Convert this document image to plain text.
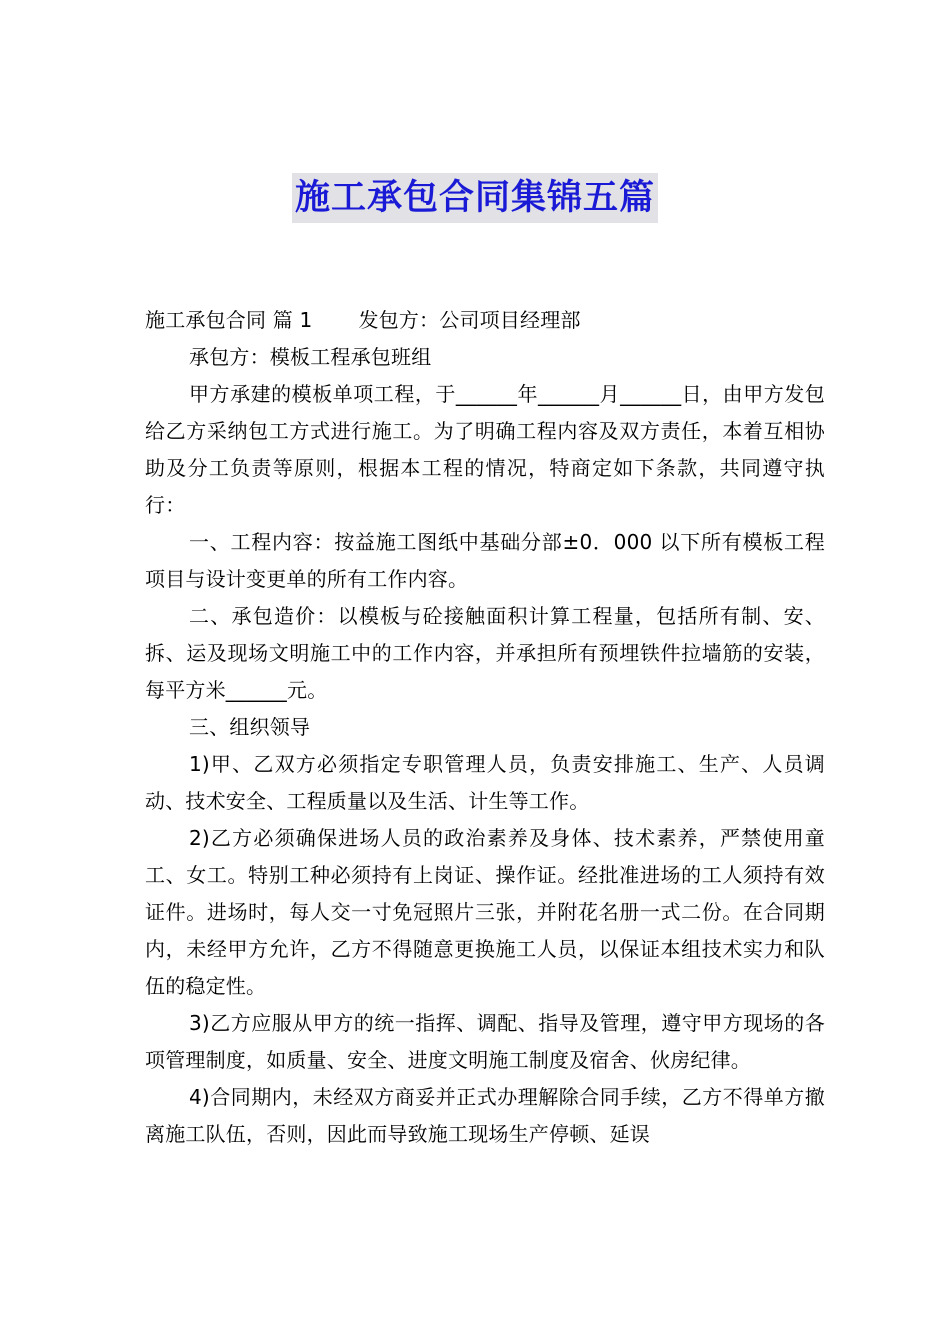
施工承包合同集锦五篇

施工承包合同 篇 1 发包方：公司项目经理部

承包方：模板工程承包班组

甲方承建的模板单项工程，于______年______月______日，由甲方发包给乙方采纳包工方式进行施工。为了明确工程内容及双方责任，本着互相协助及分工负责等原则，根据本工程的情况，特商定如下条款，共同遵守执行：

一、工程内容：按益施工图纸中基础分部±0．000 以下所有模板工程项目与设计变更单的所有工作内容。

二、承包造价：以模板与砼接触面积计算工程量，包括所有制、安、拆、运及现场文明施工中的工作内容，并承担所有预埋铁件拉墙筋的安装，每平方米______元。

三、组织领导

1)甲、乙双方必须指定专职管理人员，负责安排施工、生产、人员调动、技术安全、工程质量以及生活、计生等工作。

2)乙方必须确保进场人员的政治素养及身体、技术素养，严禁使用童工、女工。特别工种必须持有上岗证、操作证。经批准进场的工人须持有效证件。进场时，每人交一寸免冠照片三张，并附花名册一式二份。在合同期内，未经甲方允许，乙方不得随意更换施工人员，以保证本组技术实力和队伍的稳定性。

3)乙方应服从甲方的统一指挥、调配、指导及管理，遵守甲方现场的各项管理制度，如质量、安全、进度文明施工制度及宿舍、伙房纪律。

4)合同期内，未经双方商妥并正式办理解除合同手续，乙方不得单方撤离施工队伍，否则，因此而导致施工现场生产停顿、延误
